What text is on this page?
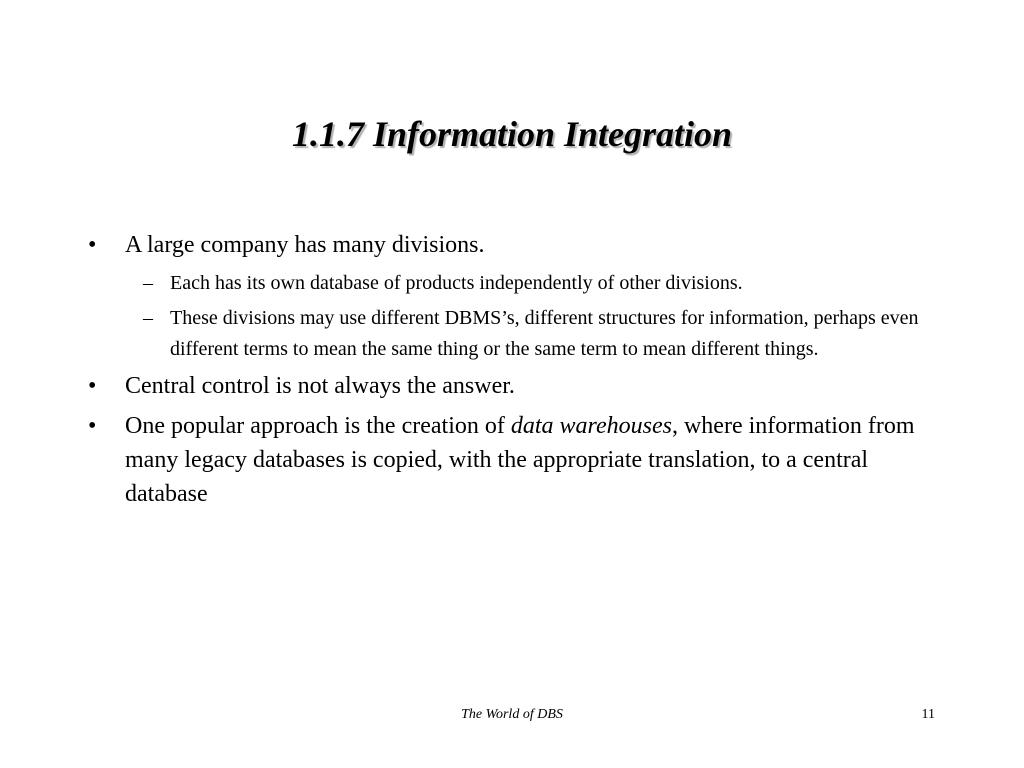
1.1.7 Information Integration
•	A large company has many divisions.
– Each has its own database of products independently of other divisions.
– These divisions may use different DBMS’s, different structures for information, perhaps even different terms to mean the same thing or the same term to mean different things.
•	Central control is not always the answer.
•	One popular approach is the creation of data warehouses, where information from many legacy databases is copied, with the appropriate translation, to a central database
The World of DBS	11
